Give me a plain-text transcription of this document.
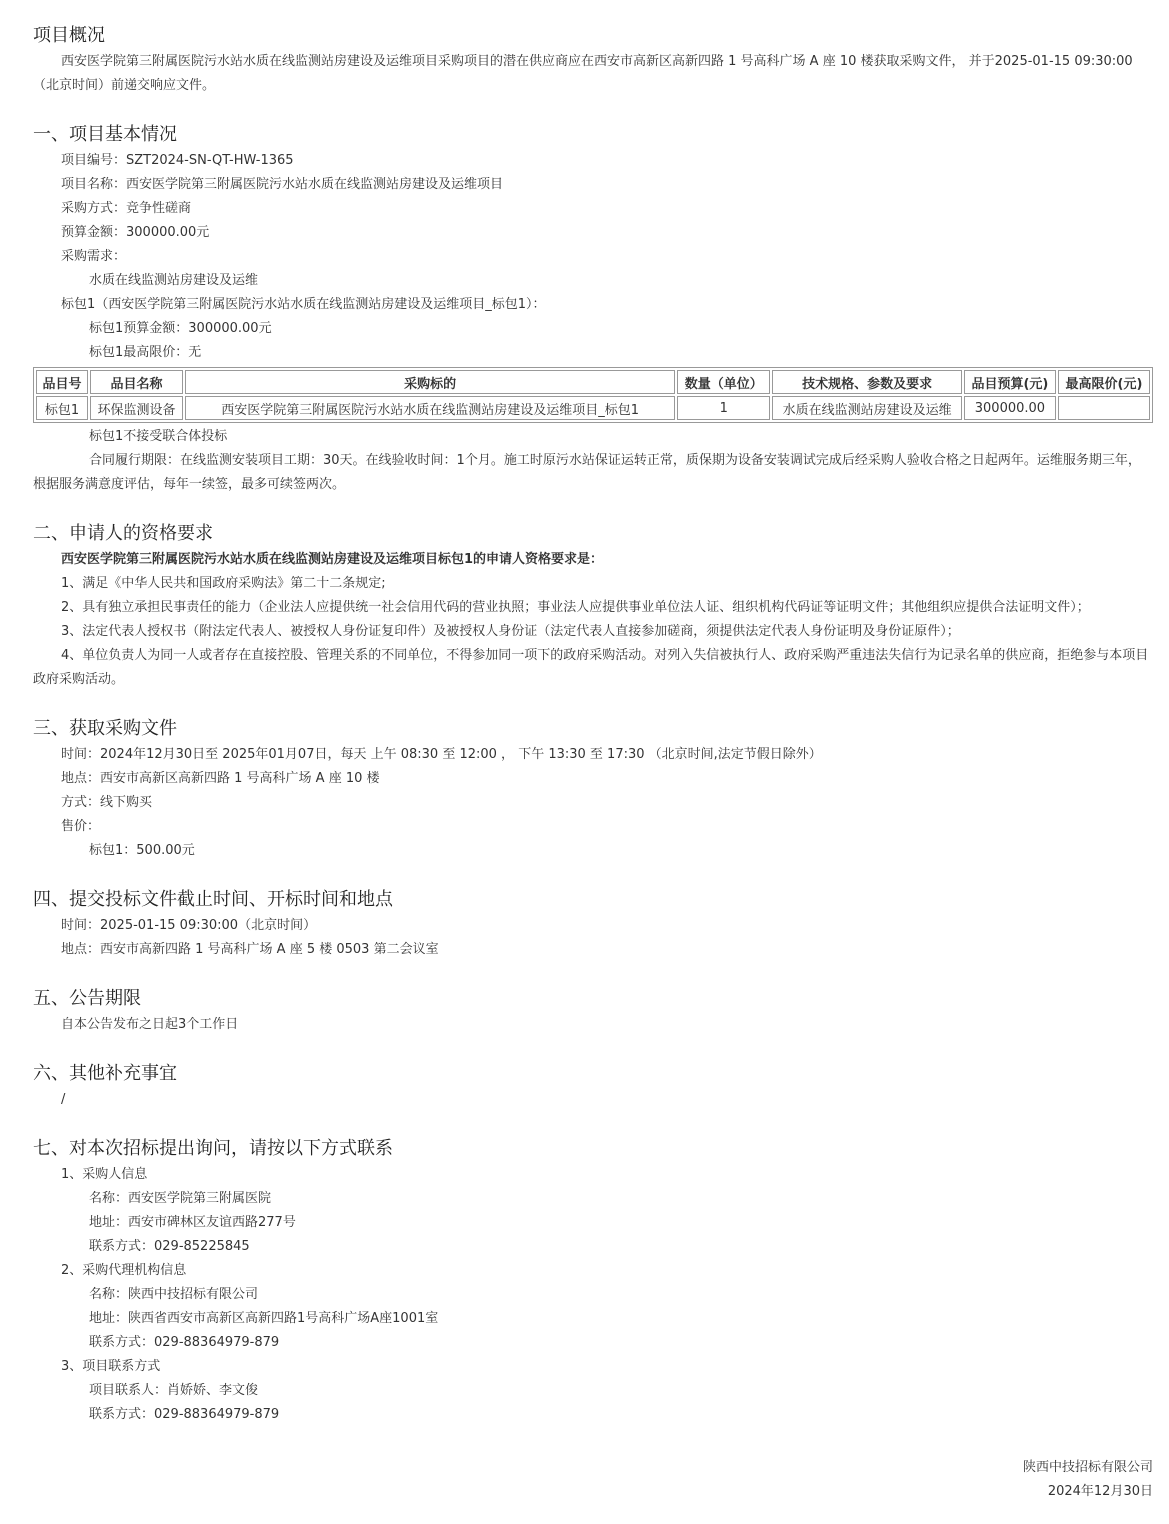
项目概况

西安医学院第三附属医院污水站水质在线监测站房建设及运维项目采购项目的潜在供应商应在西安市高新区高新四路 1 号高科广场 A 座 10 楼获取采购文件， 并于2025-01-15 09:30:00（北京时间）前递交响应文件。

一、项目基本情况
项目编号：SZT2024-SN-QT-HW-1365
项目名称：西安医学院第三附属医院污水站水质在线监测站房建设及运维项目
采购方式：竞争性磋商
预算金额：300000.00元
采购需求：
水质在线监测站房建设及运维
标包1（西安医学院第三附属医院污水站水质在线监测站房建设及运维项目_标包1）：
标包1预算金额：300000.00元
标包1最高限价：无
品目号	品目名称	采购标的	数量（单位）	技术规格、参数及要求	品目预算(元)	最高限价(元)
标包1	环保监测设备	西安医学院第三附属医院污水站水质在线监测站房建设及运维项目_标包1	1	水质在线监测站房建设及运维	300000.00	
标包1不接受联合体投标

合同履行期限：在线监测安装项目工期：30天。在线验收时间：1个月。施工时原污水站保证运转正常，质保期为设备安装调试完成后经采购人验收合格之日起两年。运维服务期三年，根据服务满意度评估，每年一续签，最多可续签两次。

二、申请人的资格要求
西安医学院第三附属医院污水站水质在线监测站房建设及运维项目标包1的申请人资格要求是：

1、满足《中华人民共和国政府采购法》第二十二条规定;

2、具有独立承担民事责任的能力（企业法人应提供统一社会信用代码的营业执照；事业法人应提供事业单位法人证、组织机构代码证等证明文件；其他组织应提供合法证明文件）；

3、法定代表人授权书（附法定代表人、被授权人身份证复印件）及被授权人身份证（法定代表人直接参加磋商，须提供法定代表人身份证明及身份证原件）；

4、单位负责人为同一人或者存在直接控股、管理关系的不同单位，不得参加同一项下的政府采购活动。对列入失信被执行人、政府采购严重违法失信行为记录名单的供应商，拒绝参与本项目政府采购活动。

三、获取采购文件
时间：2024年12月30日至 2025年01月07日，每天 上午 08:30 至 12:00 ， 下午 13:30 至 17:30 （北京时间,法定节假日除外）
地点：西安市高新区高新四路 1 号高科广场 A 座 10 楼
方式：线下购买
售价：
标包1：500.00元
四、提交投标文件截止时间、开标时间和地点
时间：2025-01-15 09:30:00（北京时间）
地点：西安市高新四路 1 号高科广场 A 座 5 楼 0503 第二会议室
五、公告期限
自本公告发布之日起3个工作日
六、其他补充事宜
/
七、对本次招标提出询问，请按以下方式联系
1、采购人信息
名称：西安医学院第三附属医院
地址：西安市碑林区友谊西路277号
联系方式：029-85225845
2、采购代理机构信息
名称：陕西中技招标有限公司
地址：陕西省西安市高新区高新四路1号高科广场A座1001室
联系方式：029-88364979-879
3、项目联系方式
项目联系人：肖娇娇、李文俊
联系方式：029-88364979-879
陕西中技招标有限公司
2024年12月30日
